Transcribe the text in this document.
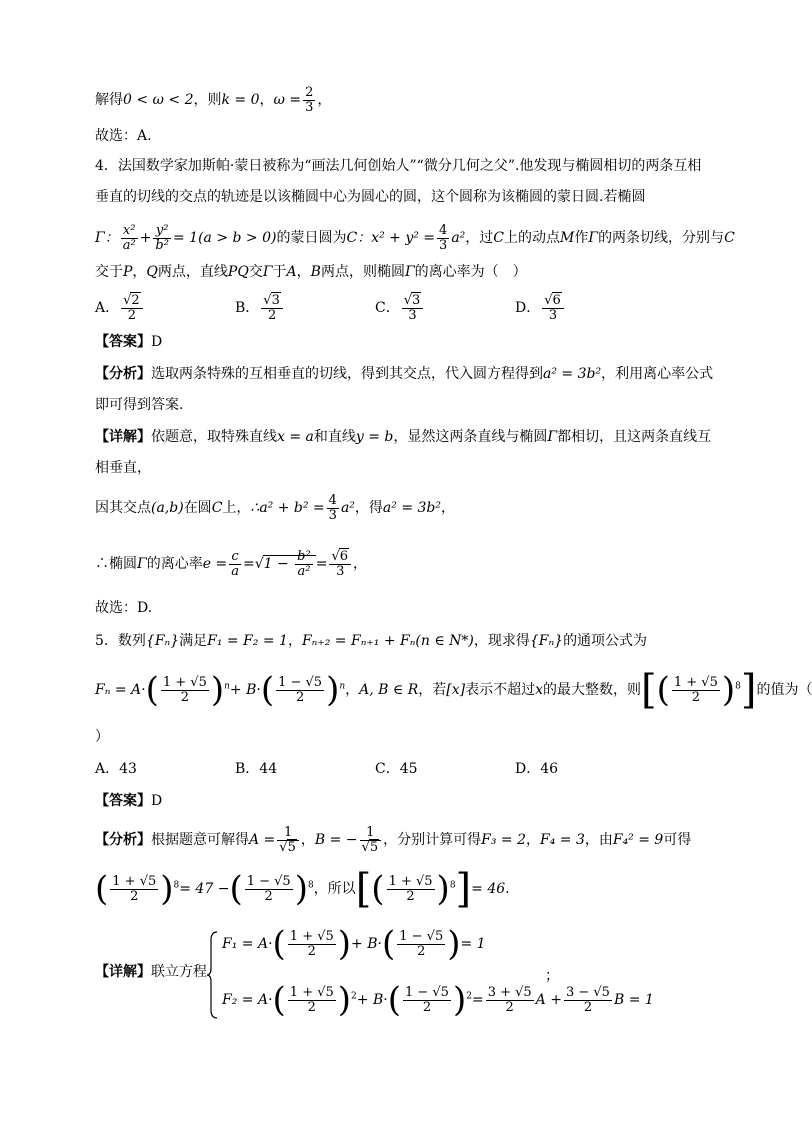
解得0 < ω < 2，则k = 0，$\omega = \frac{2}{3}$ ，
故选：A.
4．法国数学家加斯帕·蒙日被称为“画法几何创始人”“微分几何之父”.他发现与椭圆相切的两条互相
垂直的切线的交点的轨迹是以该椭圆中心为圆心的圆，这个圆称为该椭圆的蒙日圆.若椭圆
Γ： $\frac{\text{x²}}{\text{a²}} + \frac{\text{y²}}{\text{b²}} = 1(a > b > 0)$的蒙日圆为C：$x^2 + y^2 = \frac{4}{3} a^2$，过C上的动点M作Γ的两条切线，分别与C
交于P，Q两点，直线PQ交Γ于A，B两点，则椭圆Γ的离心率为（　）
A． $\frac{√2}{2}$	B． $\frac{√3}{2}$	C． $\frac{√3}{3}$	D． $\frac{√6}{3}$
【答案】D
【分析】选取两条特殊的互相垂直的切线，得到其交点，代入圆方程得到a² = 3b²，利用离心率公式
即可得到答案.
【详解】依题意，取特殊直线x = a和直线y = b，显然这两条直线与椭圆Γ都相切，且这两条直线互
相垂直，
因其交点(a,b)在圆C上，∴a² + $b^2 = \frac{4}{3} a^2$，得a² = 3b²，
∴椭圆Γ的离心率$e = \frac{c}{a} =√1 - \frac{\text{b²}}{\text{a²}} = \frac{√6}{3}$ ，
故选：D.
5．数列{Fₙ}满足F₁ = F₂ = 1，Fₙ₊₂ = Fₙ₊₁ + Fₙ(n ∈ N*)，现求得{Fₙ}的通项公式为
$F_n = A\cdot( \frac{1 + √5}{2} )^n+ B\cdot( \frac{1 - √5}{2} )^n$，A, B ∈ R，若[x]表示不超过x的最大整数，则[( $\frac{1 + √5}{2} )^8$]的值为（
）
A．43	B．44	C．45	D．46
【答案】D
【分析】根据题意可解得$A = \frac{1}{√5}$ ，B = − $\frac{1}{√5}$ ，分别计算可得F₃ = 2，F₄ = 3，由F₄² = 9可得
( $\frac{1 + √5}{2} )^8= 47$ −( $\frac{1 - √5}{2} )^8$，所以[( $\frac{1 + √5}{2} )^8]= 46$.
【详解】联立方程
$F_1 = A\cdot( \frac{1 + √5}{2}$ )+ $B\cdot( \frac{1 - √5}{2}$ )= 1
$F_2 = A\cdot( \frac{1 + √5}{2} )^2+ B\cdot( \frac{1 - √5}{2} )^2= \frac{3 + √5}{2}$ $A + \frac{3 - √5}{2}$ B = 1
；
